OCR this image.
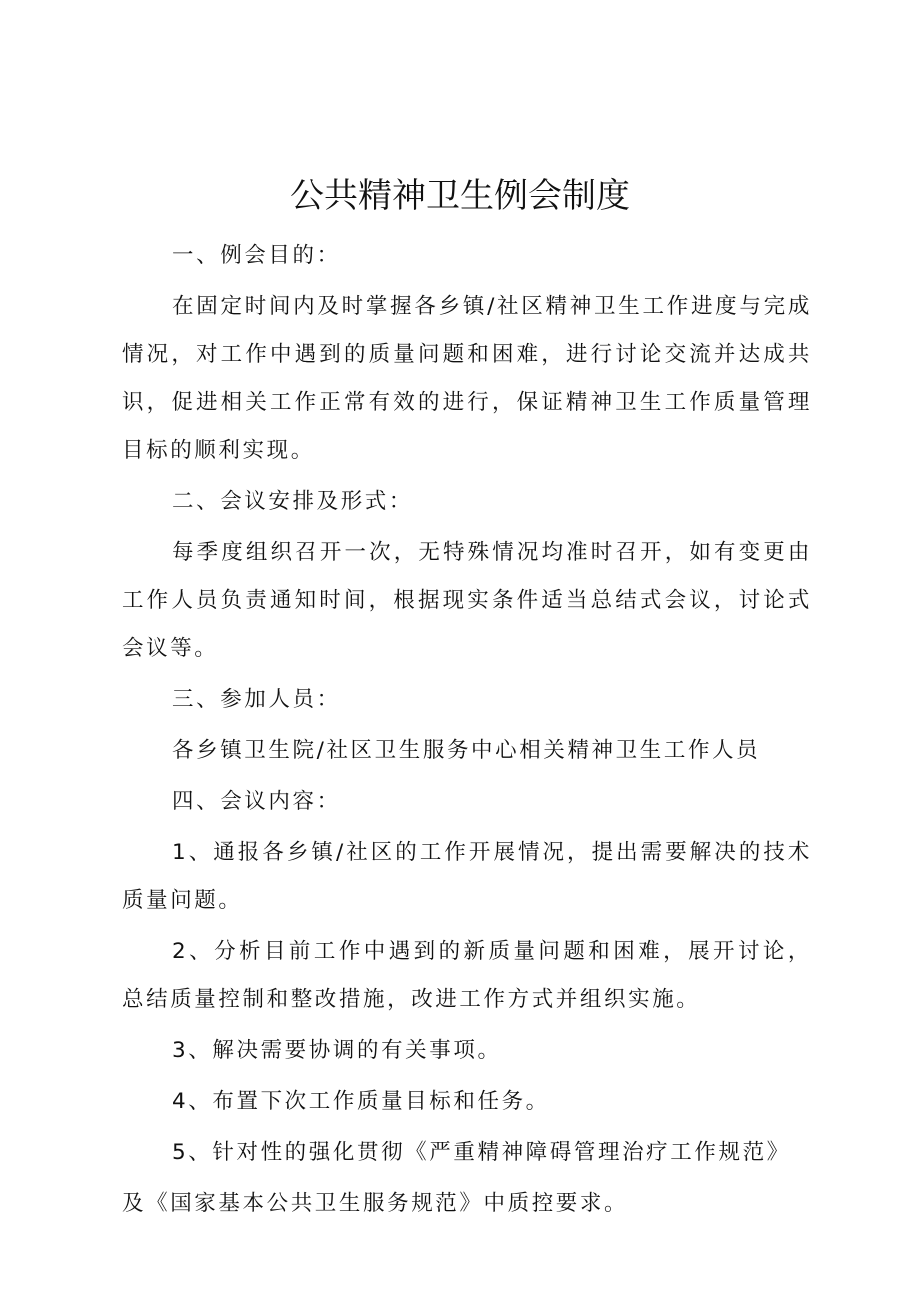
公共精神卫生例会制度

一、例会目的：

在固定时间内及时掌握各乡镇/社区精神卫生工作进度与完成情况，对工作中遇到的质量问题和困难，进行讨论交流并达成共识，促进相关工作正常有效的进行，保证精神卫生工作质量管理目标的顺利实现。

二、会议安排及形式：

每季度组织召开一次，无特殊情况均准时召开，如有变更由工作人员负责通知时间，根据现实条件适当总结式会议，讨论式会议等。

三、参加人员：

各乡镇卫生院/社区卫生服务中心相关精神卫生工作人员

四、会议内容：

1、通报各乡镇/社区的工作开展情况，提出需要解决的技术质量问题。

2、分析目前工作中遇到的新质量问题和困难，展开讨论，总结质量控制和整改措施，改进工作方式并组织实施。

3、解决需要协调的有关事项。

4、布置下次工作质量目标和任务。

5、针对性的强化贯彻《严重精神障碍管理治疗工作规范》

及《国家基本公共卫生服务规范》中质控要求。
